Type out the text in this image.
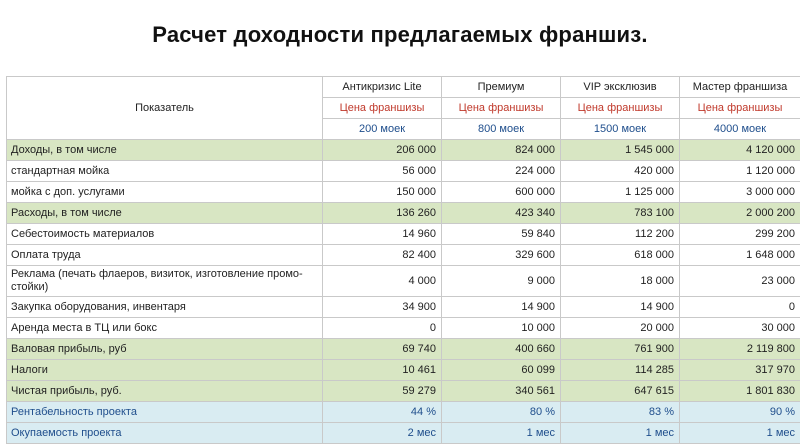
Расчет доходности предлагаемых франшиз.
Показатель	Антикризис Lite	Премиум	VIP эксклюзив	Мастер франшиза
	Цена франшизы	Цена франшизы	Цена франшизы	Цена франшизы
	200 моек	800 моек	1500 моек	4000 моек
Доходы, в том числе	206 000	824 000	1 545 000	4 120 000
стандартная мойка	56 000	224 000	420 000	1 120 000
мойка с доп. услугами	150 000	600 000	1 125 000	3 000 000
Расходы, в том числе	136 260	423 340	783 100	2 000 200
Себестоимость материалов	14 960	59 840	112 200	299 200
Оплата труда	82 400	329 600	618 000	1 648 000
Реклама (печать флаеров, визиток, изготовление промо-стойки)	4 000	9 000	18 000	23 000
Закупка оборудования, инвентаря	34 900	14 900	14 900	0
Аренда места в ТЦ или бокс	0	10 000	20 000	30 000
Валовая прибыль, руб	69 740	400 660	761 900	2 119 800
Налоги	10 461	60 099	114 285	317 970
Чистая прибыль, руб.	59 279	340 561	647 615	1 801 830
Рентабельность проекта	44 %	80 %	83 %	90 %
Окупаемость проекта	2 мес	1 мес	1 мес	1 мес
